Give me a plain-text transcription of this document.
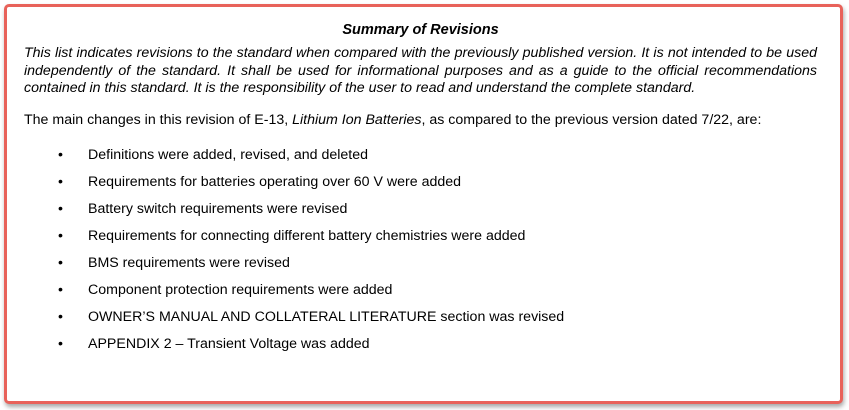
Summary of Revisions

This list indicates revisions to the standard when compared with the previously published version. It is not intended to be used independently of the standard. It shall be used for informational purposes and as a guide to the official recommendations contained in this standard. It is the responsibility of the user to read and understand the complete standard.

The main changes in this revision of E-13, Lithium Ion Batteries, as compared to the previous version dated 7/22, are:

• Definitions were added, revised, and deleted
• Requirements for batteries operating over 60 V were added
• Battery switch requirements were revised
• Requirements for connecting different battery chemistries were added
• BMS requirements were revised
• Component protection requirements were added
• OWNER’S MANUAL AND COLLATERAL LITERATURE section was revised
• APPENDIX 2 – Transient Voltage was added
